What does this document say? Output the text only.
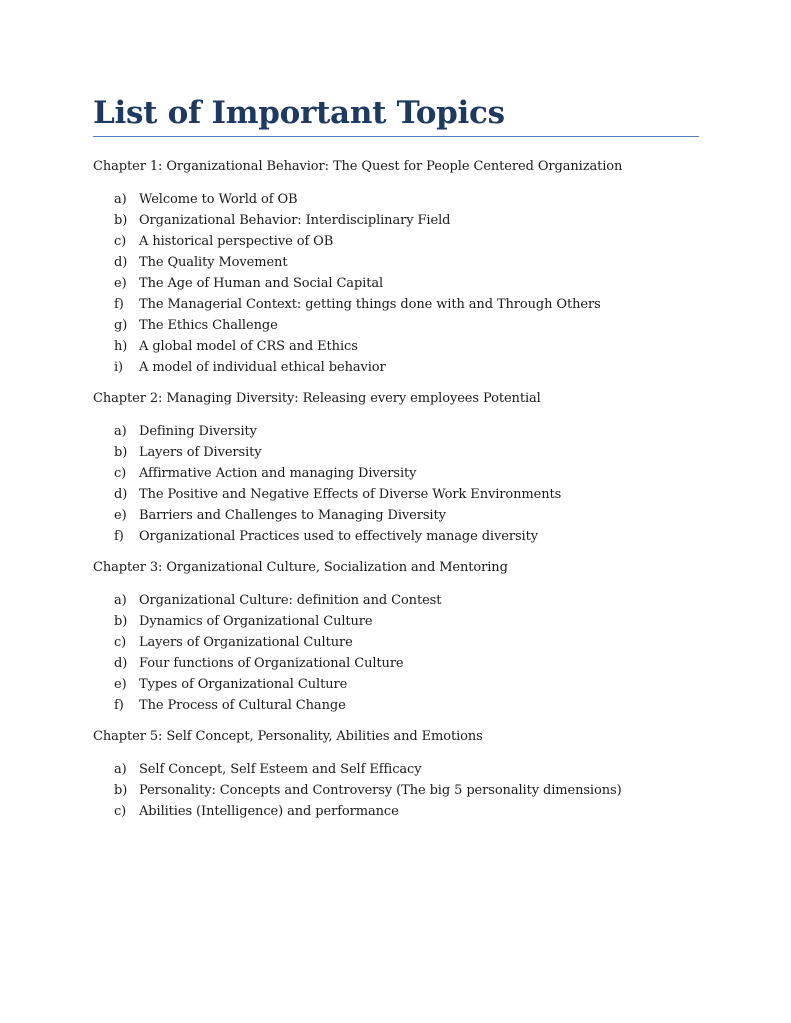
List of Important Topics

Chapter 1: Organizational Behavior: The Quest for People Centered Organization

a) Welcome to World of OB
b) Organizational Behavior: Interdisciplinary Field
c) A historical perspective of OB
d) The Quality Movement
e) The Age of Human and Social Capital
f) The Managerial Context: getting things done with and Through Others
g) The Ethics Challenge
h) A global model of CRS and Ethics
i) A model of individual ethical behavior

Chapter 2: Managing Diversity: Releasing every employees Potential

a) Defining Diversity
b) Layers of Diversity
c) Affirmative Action and managing Diversity
d) The Positive and Negative Effects of Diverse Work Environments
e) Barriers and Challenges to Managing Diversity
f) Organizational Practices used to effectively manage diversity

Chapter 3: Organizational Culture, Socialization and Mentoring

a) Organizational Culture: definition and Contest
b) Dynamics of Organizational Culture
c) Layers of Organizational Culture
d) Four functions of Organizational Culture
e) Types of Organizational Culture
f) The Process of Cultural Change

Chapter 5: Self Concept, Personality, Abilities and Emotions

a) Self Concept, Self Esteem and Self Efficacy
b) Personality: Concepts and Controversy (The big 5 personality dimensions)
c) Abilities (Intelligence) and performance
